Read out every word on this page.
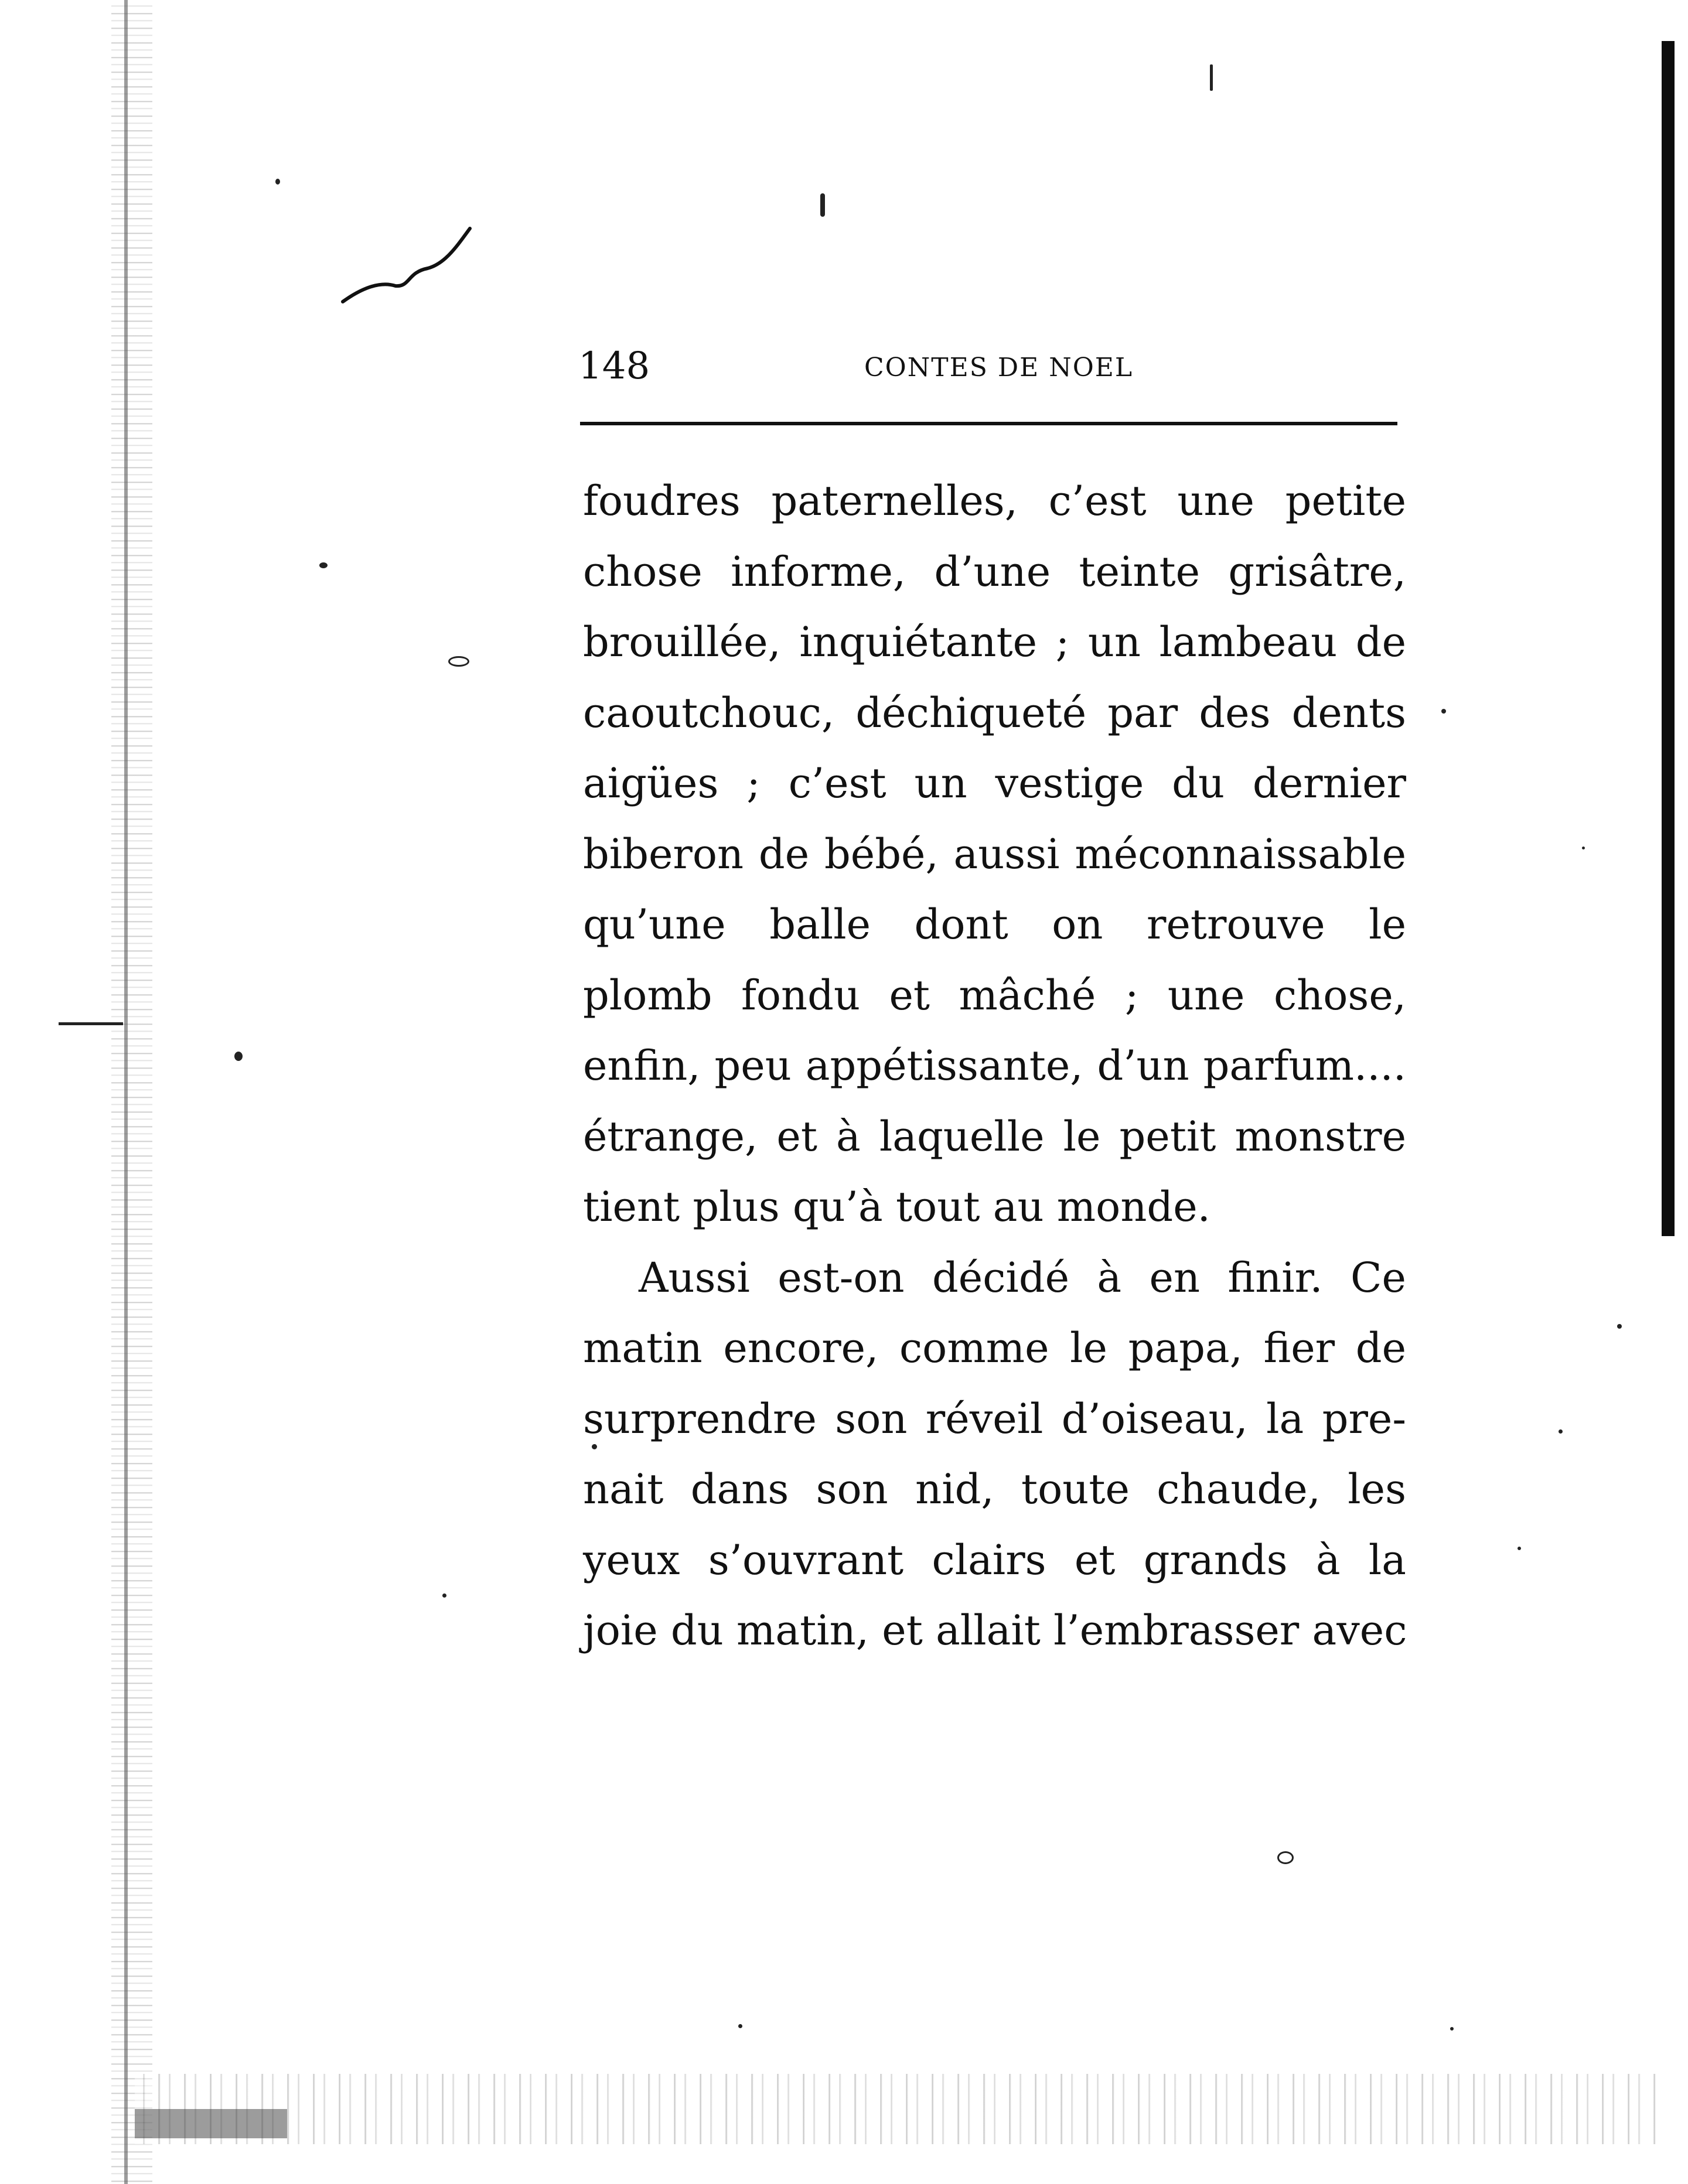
148	CONTES DE NOEL
foudres paternelles, c’est une petite
chose informe, d’une teinte grisâtre,
brouillée, inquiétante ; un lambeau de
caoutchouc, déchiqueté par des dents
aigües ; c’est un vestige du dernier
biberon de bébé, aussi méconnaissable
qu’une balle dont on retrouve le
plomb fondu et mâché ; une chose,
enfin, peu appétissante, d’un parfum....
étrange, et à laquelle le petit monstre
tient plus qu’à tout au monde.
Aussi est-on décidé à en finir. Ce
matin encore, comme le papa, fier de
surprendre son réveil d’oiseau, la pre-
nait dans son nid, toute chaude, les
yeux s’ouvrant clairs et grands à la
joie du matin, et allait l’embrasser avec
